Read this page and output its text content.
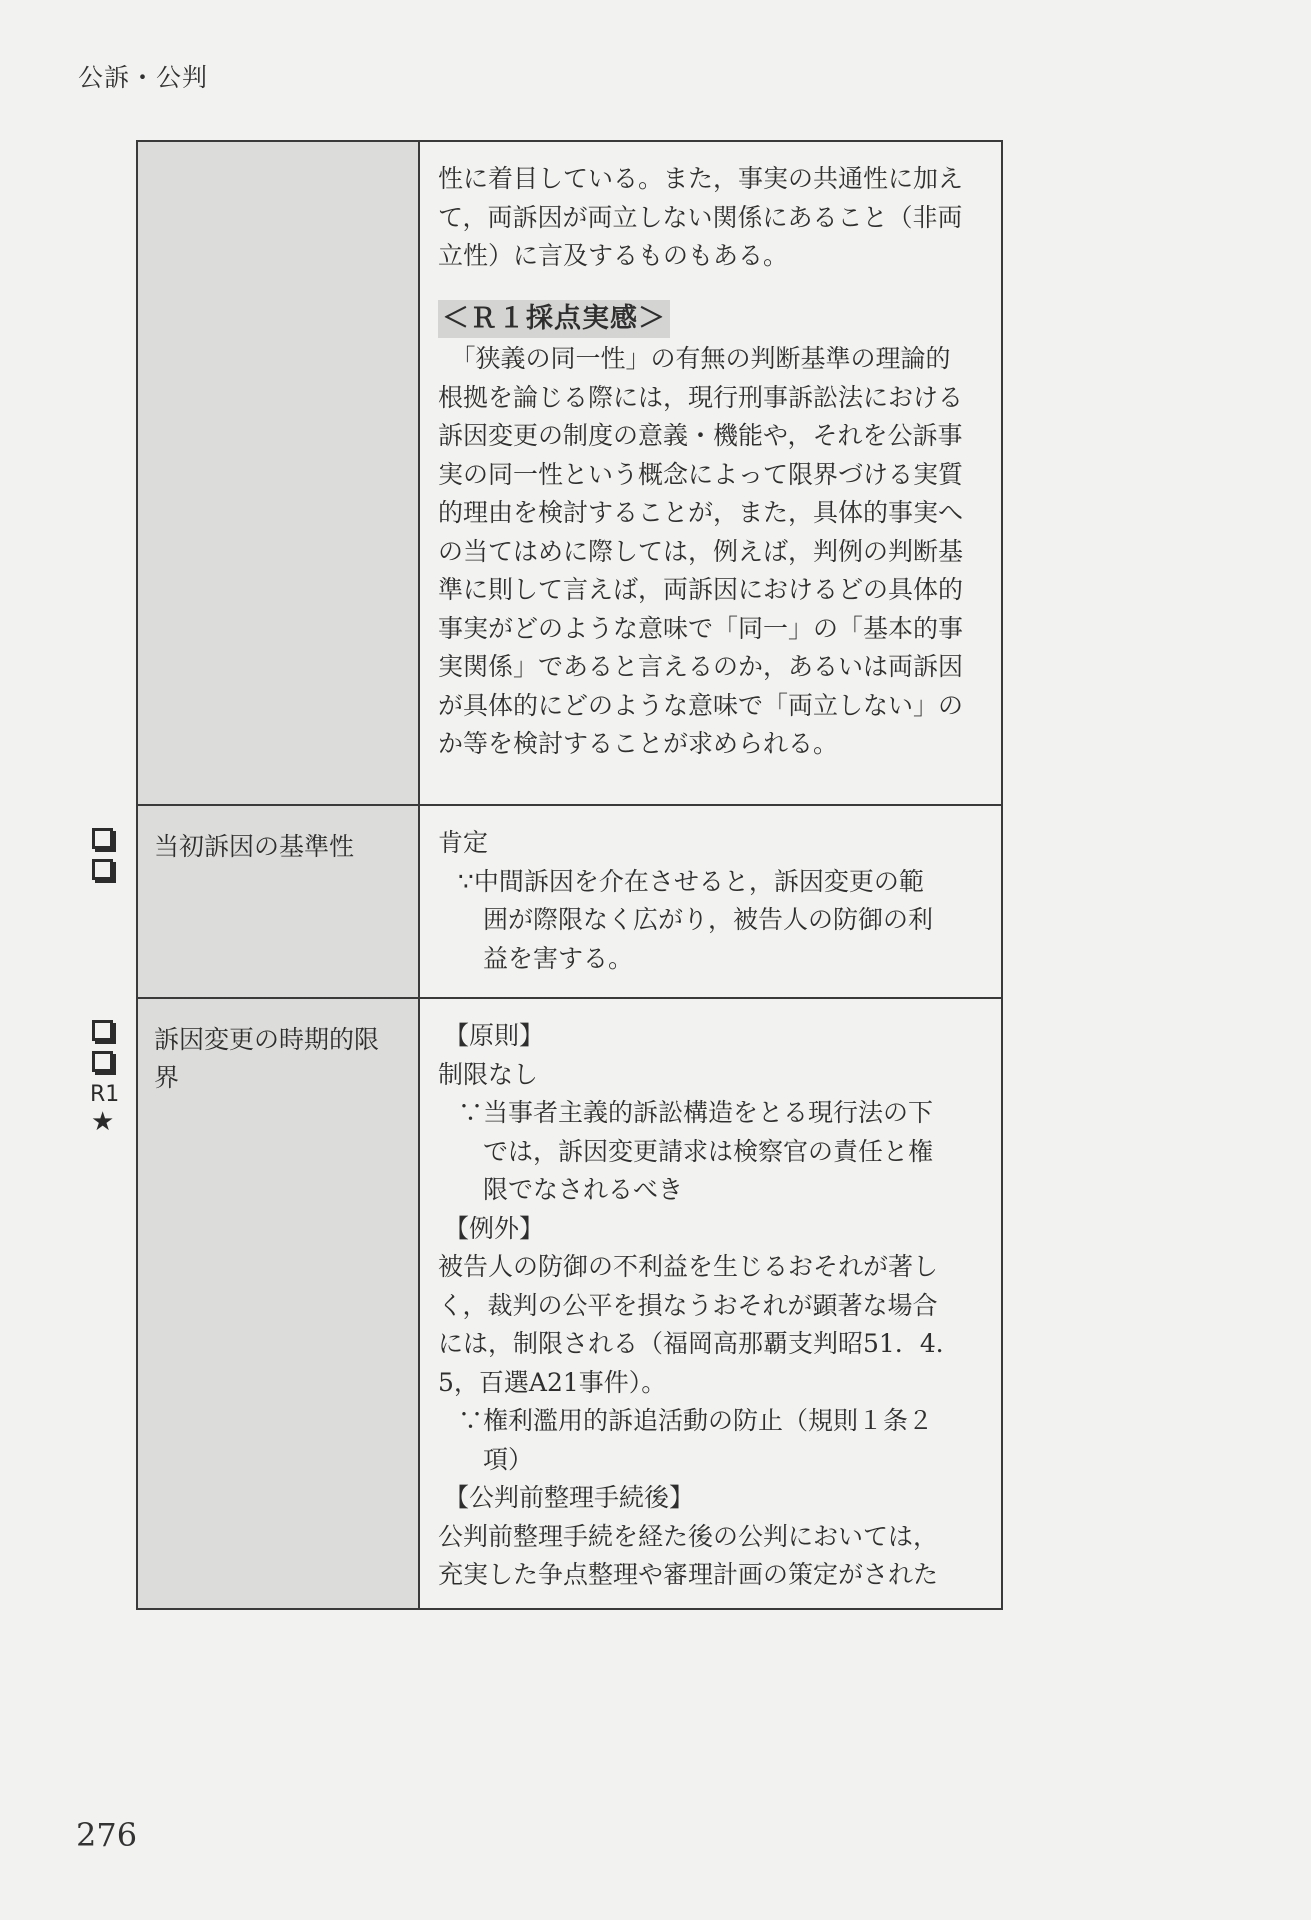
公訴・公判
R1
★

性に着目している。また，事実の共通性に加え

て，両訴因が両立しない関係にあること（非両

立性）に言及するものもある。

＜Ｒ１採点実感＞

「狭義の同一性」の有無の判断基準の理論的

根拠を論じる際には，現行刑事訴訟法における

訴因変更の制度の意義・機能や，それを公訴事

実の同一性という概念によって限界づける実質

的理由を検討することが，また，具体的事実へ

の当てはめに際しては，例えば，判例の判断基

準に則して言えば，両訴因におけるどの具体的

事実がどのような意味で「同一」の「基本的事

実関係」であると言えるのか，あるいは両訴因

が具体的にどのような意味で「両立しない」の

か等を検討することが求められる。

当初訴因の基準性	肯定

∵中間訴因を介在させると，訴因変更の範

囲が際限なく広がり，被告人の防御の利

益を害する。

訴因変更の時期的限
界

【原則】

制限なし

∵当事者主義的訴訟構造をとる現行法の下

では，訴因変更請求は検察官の責任と権

限でなされるべき

【例外】

被告人の防御の不利益を生じるおそれが著し

く，裁判の公平を損なうおそれが顕著な場合

には，制限される（福岡高那覇支判昭51．4．

5，百選A21事件）。

∵権利濫用的訴追活動の防止（規則１条２

項）

【公判前整理手続後】

公判前整理手続を経た後の公判においては，

充実した争点整理や審理計画の策定がされた

276
